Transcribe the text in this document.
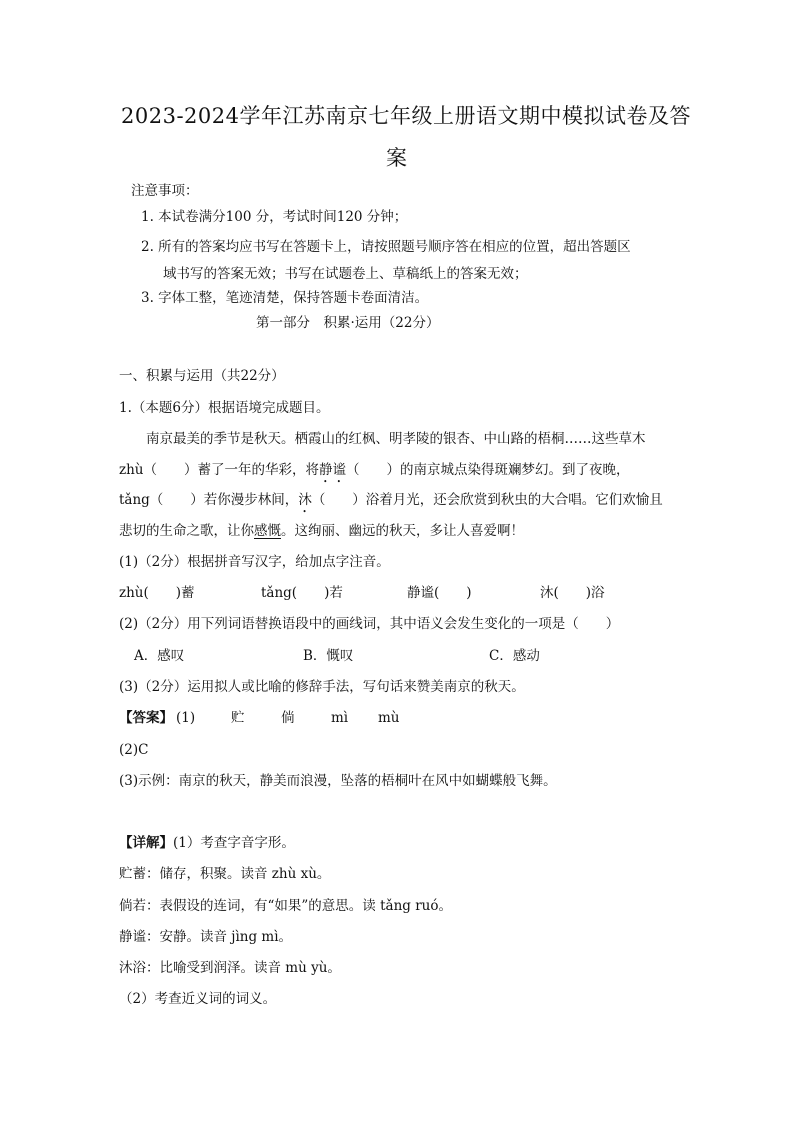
2023-2024学年江苏南京七年级上册语文期中模拟试卷及答
案
注意事项：
1. 本试卷满分100 分，考试时间120 分钟；
2. 所有的答案均应书写在答题卡上，请按照题号顺序答在相应的位置，超出答题区
域书写的答案无效；书写在试题卷上、草稿纸上的答案无效；
3. 字体工整，笔迹清楚，保持答题卡卷面清洁。
第一部分　积累·运用（22分）
一、积累与运用（共22分）
1.（本题6分）根据语境完成题目。
南京最美的季节是秋天。栖霞山的红枫、明孝陵的银杏、中山路的梧桐……这些草木
zhù（　　）蓄了一年的华彩，将静谧（　　）的南京城点染得斑斓梦幻。到了夜晚，
tǎng（　　）若你漫步林间，沐（　　）浴着月光，还会欣赏到秋虫的大合唱。它们欢愉且
悲切的生命之歌，让你感慨。这绚丽、幽远的秋天，多让人喜爱啊！
(1)（2分）根据拼音写汉字，给加点字注音。
zhù(　　)蓄	tǎng(　　)若	静谧(　　)	沐(　　)浴
(2)（2分）用下列词语替换语段中的画线词，其中语义会发生变化的一项是（　　）
A．感叹	B．慨叹	C．感动
(3)（2分）运用拟人或比喻的修辞手法，写句话来赞美南京的秋天。
【答案】 (1)	贮	倘	mì mù
(2)C
(3)示例：南京的秋天，静美而浪漫，坠落的梧桐叶在风中如蝴蝶般飞舞。
【详解】(1）考查字音字形。
贮蓄：储存，积聚。读音 zhù xù。
倘若：表假设的连词，有“如果”的意思。读 tǎng ruó。
静谧：安静。读音 jìng mì。
沐浴：比喻受到润泽。读音 mù yù。
（2）考查近义词的词义。
